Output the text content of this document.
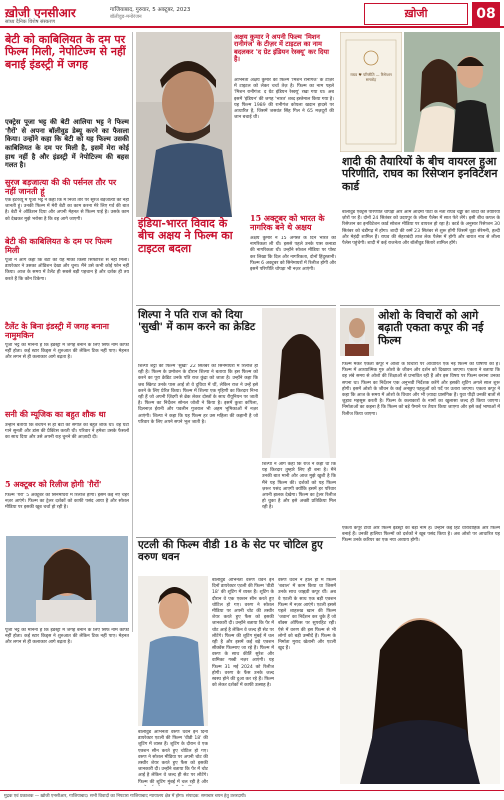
ख़ोजी एनसीआर
सांध्य दैनिक विशेष संस्करण
गाजियाबाद, गुरुवार, 5 अक्टूबर, 2023
बॉलीवुड-मनोरंजन	ख़ोजी	08
बेटी को काबिलियत के दम पर फिल्म मिली, नेपोटिज्म से नहीं बनाई इंडस्ट्री में जगह
एक्ट्रेस पूजा भट्ट की बेटी आलिया भट्ट ने फिल्म 'ग़ैरों' से अपना बॉलीवुड डेब्यू करने का फैसला किया। उन्होंने कहा कि बेटी को यह फिल्म उसकी काबिलियत के दम पर मिली है, इसमें मेरा कोई हाथ नहीं है और इंडस्ट्री में नेपोटिज्म की बहस गलत है।
सुरज बड़जात्या की की पर्सनल तौर पर नहीं जानती हूं
एक इंटरव्यू में पूजा भट्ट ने कहा कि मैं निजी तौर पर सूरज बड़जात्या को नहीं जानती हूं। उनकी फिल्म में मेरी बेटी का काम करना मेरे लिए गर्व की बात है। बेटी ने ऑडिशन दिया और अपनी मेहनत से फिल्म पाई है। उसके काम को देखकर मुझे भरोसा है कि वह आगे जाएगी।
बेटी की काबिलियत के दम पर फिल्म मिली
पूजा ने आगे कहा कि बेटी को यह मौका किसी सिफारिश से नहीं मिला। डायरेक्टर ने उसका ऑडिशन देखा और चुना। मैंने उसे कभी कोई फोन नहीं किया। आज के समय में टैलेंट ही सबसे बड़ी पहचान है और दर्शक ही तय करते हैं कि कौन टिकेगा।
टैलेंट के बिना इंडस्ट्री में जगह बनाना नामुमकिन
पूजा भट्ट का मानना है कि इंडस्ट्री में जगह बनाने के लिए सिर्फ नाम काफी नहीं होता। कई स्टार किड्स ने शुरुआत की लेकिन टिक नहीं पाए। मेहनत और लगन से ही कलाकार आगे बढ़ता है।
सनी की म्यूजिक का बहुत शौक था
उन्होंने बताया कि बचपन से ही बेटी को संगीत का बहुत शौक था। वह घंटों गाने सुनती और डांस की प्रैक्टिस करती थी। परिवार ने हमेशा उसके फैसलों का साथ दिया और उसे अपनी राह चुनने की आज़ादी दी।
5 अक्टूबर को रिलीज होगी 'ग़ैरों'
फिल्म 'ग़ैरों' 5 अक्टूबर को सिनेमाघरों में रिलीज होगी। इसमें कई नए चेहरे नज़र आएंगे। फिल्म का ट्रेलर दर्शकों को काफी पसंद आया है और सोशल मीडिया पर इसकी खूब चर्चा हो रही है।
अक्षय कुमार ने अपनी फिल्म 'मिशन रानीगंज' के टीज़र में टाइटल का नाम बदलकर 'द ग्रेट इंडियन रेस्क्यू' कर दिया है।
अभिनेता अक्षय कुमार की फिल्म 'मिशन रानीगंज' के टीज़र में टाइटल को लेकर चर्चा तेज़ है। फिल्म का नाम पहले 'मिशन रानीगंज: द ग्रेट इंडियन रेस्क्यू' रखा गया था। अब इसमें 'इंडियन' की जगह 'भारत' शब्द इस्तेमाल किया गया है। यह फिल्म 1989 की रानीगंज कोयला खदान हादसे पर आधारित है, जिसमें जसवंत सिंह गिल ने 65 मज़दूरों की जान बचाई थी।
इंडिया-भारत विवाद के बीच अक्षय ने फिल्म का टाइटल बदला
15 अक्टूबर को भारत के नागरिक बने थे अक्षय
अक्षय कुमार ने 15 अगस्त के दिन भारत की नागरिकता ली थी। इससे पहले उनके पास कनाडा की नागरिकता थी। उन्होंने सोशल मीडिया पर पोस्ट कर लिखा कि दिल और नागरिकता, दोनों हिंदुस्तानी। फिल्म 6 अक्टूबर को सिनेमाघरों में रिलीज होगी और इसमें परिणीति चोपड़ा भी नज़र आएंगी।
राघव ♥ परिणीति — रिसेप्शन समारोह
शादी की तैयारियों के बीच वायरल हुआ परिणीति, राघव का रिसेप्शन इनविटेशन कार्ड
बॉलीवुड एक्ट्रेस परिणीति चोपड़ा और आम आदमी पार्टी के नेता राघव चड्ढा की शादी की तैयारियां ज़ोरों पर हैं। दोनों 24 सितंबर को उदयपुर के लीला पैलेस में सात फेरे लेंगे। इसी बीच कपल के रिसेप्शन का इनविटेशन कार्ड सोशल मीडिया पर वायरल हो रहा है। कार्ड के अनुसार रिसेप्शन 30 सितंबर को चंडीगढ़ में होगा। शादी की रस्में 23 सितंबर से शुरू होंगी जिसमें चूड़ा सेरेमनी, हल्दी और मेहंदी शामिल हैं। राघव की सेहराबंदी ताज लेक पैलेस में होगी और बारात नाव से लीला पैलेस पहुंचेगी। शादी में कई राजनेता और बॉलीवुड सितारे शामिल होंगे।
शिल्पा ने पति राज को दिया 'सुखी' में काम करने का क्रेडिट
शिल्पा शेट्टी की फिल्म 'सुखी' 22 सितंबर को सिनेमाघरों में रिलीज हो रही है। फिल्म के प्रमोशन के दौरान शिल्पा ने बताया कि इस फिल्म को करने का पूरा क्रेडिट उनके पति राज कुंद्रा को जाता है। उन्होंने कहा कि जब स्क्रिप्ट उनके पास आई तो वे दुविधा में थीं, लेकिन राज ने उन्हें इसे करने के लिए प्रेरित किया। फिल्म में शिल्पा एक गृहिणी का किरदार निभा रही हैं जो अपनी ज़िंदगी से ब्रेक लेकर दोस्तों के साथ रीयूनियन पर जाती है। फिल्म का निर्देशन सोनल जोशी ने किया है। इसमें कुशा कपिला, दिलनाज़ ईरानी और पवलीन गुजराल भी अहम भूमिकाओं में नज़र आएंगी। शिल्पा ने कहा कि यह फिल्म हर उस महिला की कहानी है जो परिवार के लिए अपने सपने भूल जाती है।
शिल्पा ने आगे कहा कि राज ने कहा था कि यह किरदार तुम्हारे लिए ही बना है। मैंने उनकी बात मानी और आज मुझे खुशी है कि मैंने यह फिल्म की। दर्शकों को यह फिल्म ज़रूर पसंद आएगी क्योंकि इसमें हर परिवार अपनी झलक देखेगा। फिल्म का ट्रेलर रिलीज हो चुका है और इसे अच्छी प्रतिक्रिया मिल रही है।
ओशो के विचारों को आगे बढ़ाती एकता कपूर की नई फिल्म
फिल्म मेकर एकता कपूर ने ओशो के विचारों पर आधारित एक नई फिल्म की घोषणा की है। फिल्म में आध्यात्मिक गुरु ओशो के जीवन और दर्शन को दिखाया जाएगा। एकता ने बताया कि वह लंबे समय से ओशो की शिक्षाओं से प्रभावित रही हैं और इस विषय पर फिल्म बनाना उनका सपना था। फिल्म का निर्देशन एक अनुभवी निर्देशक करेंगे और इसकी शूटिंग अगले साल शुरू होगी। इसमें ओशो के जीवन के कई अनछुए पहलुओं को पर्दे पर उतारा जाएगा। एकता कपूर ने कहा कि आज के समय में ओशो के विचार और भी ज़्यादा प्रासंगिक हैं। युवा पीढ़ी उनकी बातों से जुड़ाव महसूस करती है। फिल्म के कलाकारों के नामों का खुलासा जल्द ही किया जाएगा। निर्माताओं का कहना है कि फिल्म को बड़े पैमाने पर तैयार किया जाएगा और इसे कई भाषाओं में रिलीज किया जाएगा।
एकता कपूर टीवी और फिल्म इंडस्ट्री का बड़ा नाम हैं। उन्होंने कई हिट धारावाहिक और फिल्में बनाई हैं। उनकी हालिया फिल्मों को दर्शकों ने खूब पसंद किया है। अब ओशो पर आधारित यह फिल्म उनके करियर का एक नया अध्याय होगी।
एटली की फिल्म वीडी 18 के सेट पर चोटिल हुए वरुण धवन
बॉलीवुड अभिनेता वरुण धवन इन दिनों डायरेक्टर एटली की फिल्म 'वीडी 18' की शूटिंग में व्यस्त हैं। शूटिंग के दौरान वे एक एक्शन सीन करते हुए चोटिल हो गए। वरुण ने सोशल मीडिया पर अपनी चोट की तस्वीर शेयर करते हुए फैंस को इसकी जानकारी दी। उन्होंने बताया कि पैर में चोट आई है लेकिन वे जल्द ही सेट पर लौटेंगे। फिल्म की शूटिंग मुंबई में चल रही है और इसमें कई बड़े एक्शन सीक्वेंस फिल्माए जा रहे हैं। फिल्म में वरुण के साथ कीर्ति सुरेश और वामिका गब्बी नज़र आएंगी। यह फिल्म 31 मई 2024 को रिलीज होगी। वरुण के फैंस उनके जल्द स्वस्थ होने की दुआ कर रहे हैं। फिल्म को लेकर दर्शकों में काफी उत्साह है।
वरुण धवन ने हाल ही में फिल्म 'बवाल' में काम किया था जिसमें उनके साथ जाह्नवी कपूर थीं। अब वे एटली के साथ एक बड़ी एक्शन फिल्म में नज़र आएंगे। एटली इससे पहले शाहरुख खान की फिल्म 'जवान' का निर्देशन कर चुके हैं जो बॉक्स ऑफिस पर सुपरहिट रही। ऐसे में वरुण की इस फिल्म से भी लोगों को बड़ी उम्मीदें हैं। फिल्म के निर्माता मुराद खेतानी और एटली खुद हैं।
बॉलीवुड अभिनेता वरुण धवन इन दिनों डायरेक्टर एटली की फिल्म 'वीडी 18' की शूटिंग में व्यस्त हैं। शूटिंग के दौरान वे एक एक्शन सीन करते हुए चोटिल हो गए। वरुण ने सोशल मीडिया पर अपनी चोट की तस्वीर शेयर करते हुए फैंस को इसकी जानकारी दी। उन्होंने बताया कि पैर में चोट आई है लेकिन वे जल्द ही सेट पर लौटेंगे। फिल्म की शूटिंग मुंबई में चल रही है और
पूजा भट्ट का मानना है कि इंडस्ट्री में जगह बनाने के लिए सिर्फ नाम काफी नहीं होता। कई स्टार किड्स ने शुरुआत की लेकिन टिक नहीं पाए। मेहनत और लगन से ही कलाकार आगे बढ़ता है।
मुद्रक एवं प्रकाशक — ख़ोजी एनसीआर, गाजियाबाद। सभी विवादों का निपटारा गाजियाबाद न्यायालय क्षेत्र में होगा। संपादक: समाचार चयन हेतु उत्तरदायी।
